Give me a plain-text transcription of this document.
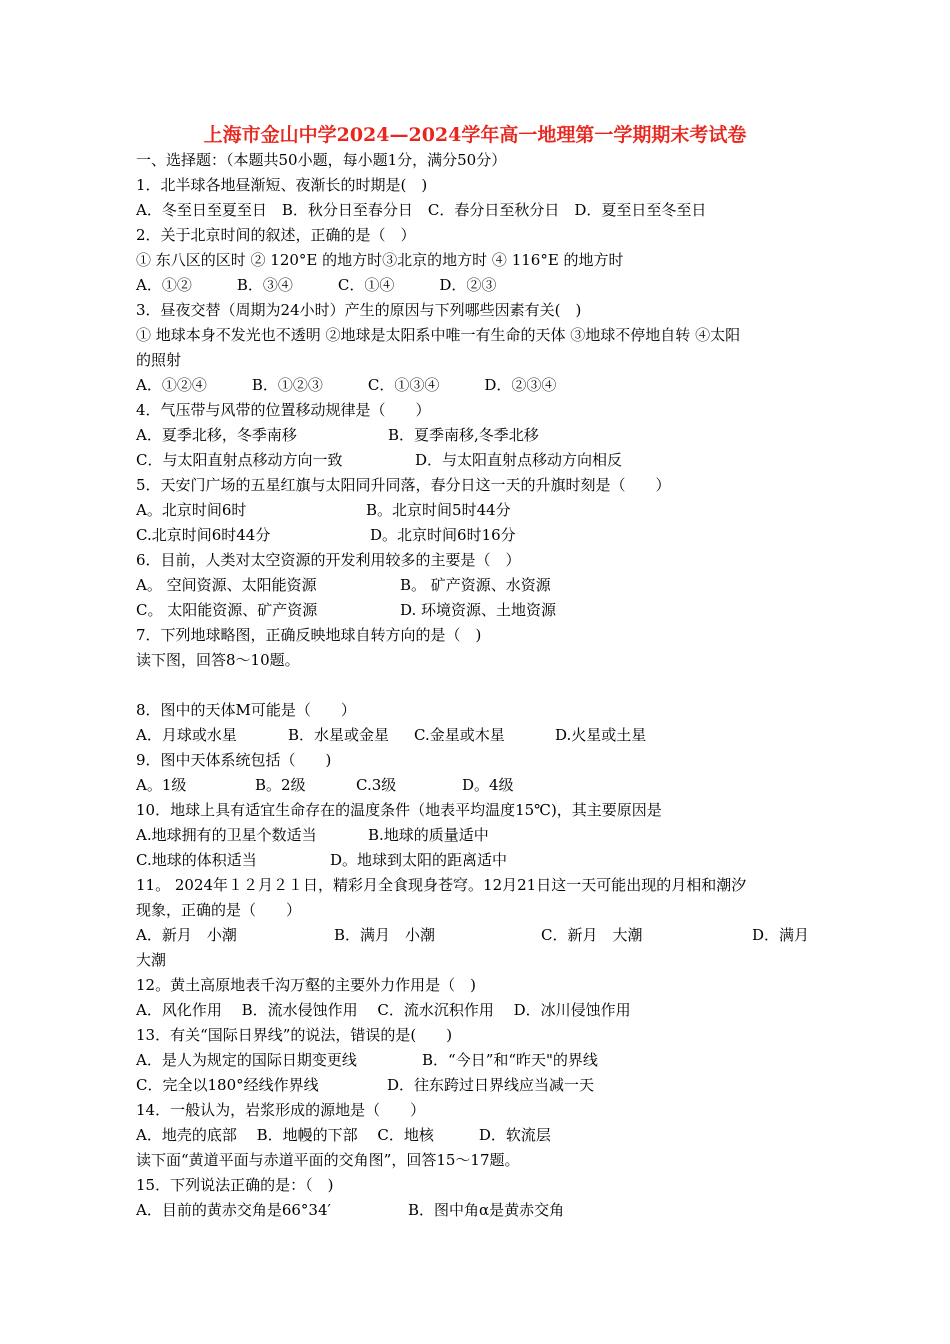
上海市金山中学2024—2024学年高一地理第一学期期末考试卷
一、选择题：（本题共50小题，每小题1分，满分50分）
1．北半球各地昼渐短、夜渐长的时期是(　)
A．冬至日至夏至日　B．秋分日至春分日　C．春分日至秋分日　D．夏至日至冬至日
2．关于北京时间的叙述，正确的是（　）
① 东八区的区时 ② 120°E 的地方时③北京的地方时 ④ 116°E 的地方时
A．①②　　　B．③④　　　C．①④　　　D．②③
3．昼夜交替（周期为24小时）产生的原因与下列哪些因素有关(　)
① 地球本身不发光也不透明 ②地球是太阳系中唯一有生命的天体 ③地球不停地自转 ④太阳
的照射
A．①②④　　　B．①②③　　　C．①③④　　　D．②③④
4．气压带与风带的位置移动规律是（　　）
A．夏季北移，冬季南移	B．夏季南移,冬季北移
C．与太阳直射点移动方向一致	D．与太阳直射点移动方向相反
5．天安门广场的五星红旗与太阳同升同落，春分日这一天的升旗时刻是（　　）
A。北京时间6时	B。北京时间5时44分
C.北京时间6时44分	D。北京时间6时16分
6．目前，人类对太空资源的开发利用较多的主要是（　）
A。 空间资源、太阳能资源	B。 矿产资源、水资源
C。 太阳能资源、矿产资源	D. 环境资源、土地资源
7．下列地球略图，正确反映地球自转方向的是（　)
读下图，回答8～10题。
8．图中的天体M可能是（　　）
A．月球或水星	B．水星或金星 C.金星或木星	D.火星或土星
9．图中天体系统包括（　　)
A。1级	B。2级	C.3级	D。4级
10．地球上具有适宜生命存在的温度条件（地表平均温度15℃)，其主要原因是
A.地球拥有的卫星个数适当	B.地球的质量适中
C.地球的体积适当	D。地球到太阳的距离适中
11。 2024年１２月２１日，精彩月全食现身苍穹。12月21日这一天可能出现的月相和潮汐
现象，正确的是（　　）
A．新月　小潮	B．满月　小潮	C．新月　大潮	D．满月
大潮
12。黄土高原地表千沟万壑的主要外力作用是（　)
A．风化作用　 B．流水侵蚀作用　 C．流水沉积作用　 D．冰川侵蚀作用
13．有关“国际日界线”的说法，错误的是(　　)
A．是人为规定的国际日期变更线	B．“今日”和“昨天"的界线
C．完全以180°经线作界线	D．往东跨过日界线应当减一天
14．一般认为，岩浆形成的源地是（　　）
A．地壳的底部　 B．地幔的下部　 C．地核　　　D．软流层
读下面“黄道平面与赤道平面的交角图”，回答15～17题。
15．下列说法正确的是：（　)
A．目前的黄赤交角是66°34′	B．图中角α是黄赤交角
